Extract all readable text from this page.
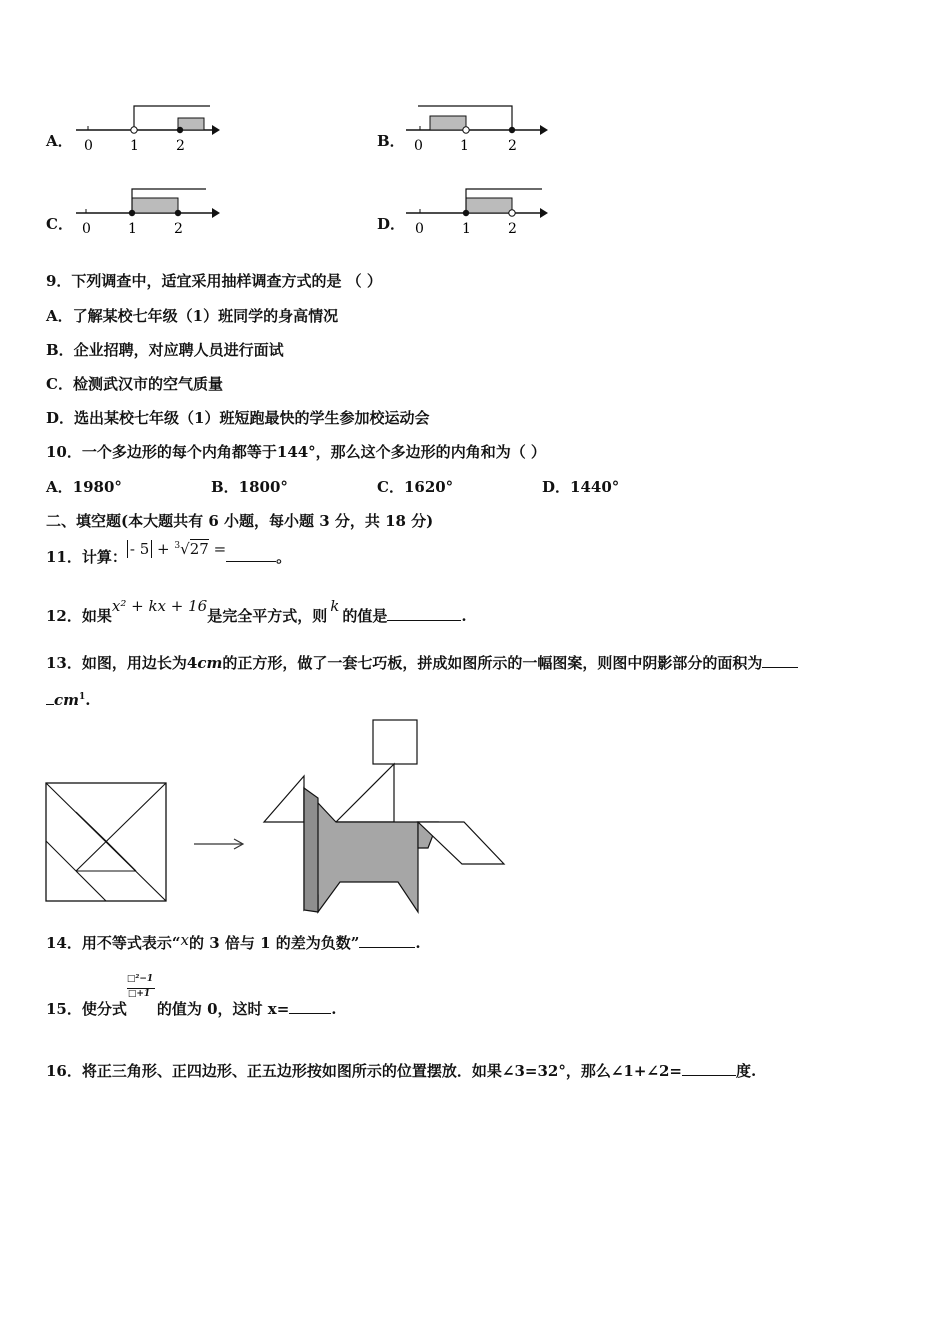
A． 0	1	2	B． 0	1	2
C． 0	1	2	D． 0	1	2
9．下列调查中，适宜采用抽样调查方式的是 （ ）
A．了解某校七年级（1）班同学的身高情况
B．企业招聘，对应聘人员进行面试
C．检测武汉市的空气质量
D．选出某校七年级（1）班短跑最快的学生参加校运动会
10．一个多边形的每个内角都等于144°，那么这个多边形的内角和为（ ）
A．1980°	B．1800°	C．1620°	D．1440°
二、填空题(本大题共有 6 小题，每小题 3 分，共 18 分)
11．计算： - 5 + $^3$√27 =	。
12．如果x² + kx + 16是完全平方式，则k的值是	.
13．如图，用边长为4cm的正方形，做了一套七巧板，拼成如图所示的一幅图案，则图中阴影部分的面积为
$cm^1$.
14．用不等式表示“x的 3 倍与 1 的差为负数”	.
15．使分式 $\frac{\text{□²−1}}{□+1}$ 的值为 0，这时 x=	.
16．将正三角形、正四边形、正五边形按如图所示的位置摆放．如果∠3=32°，那么∠1+∠2=	度.
